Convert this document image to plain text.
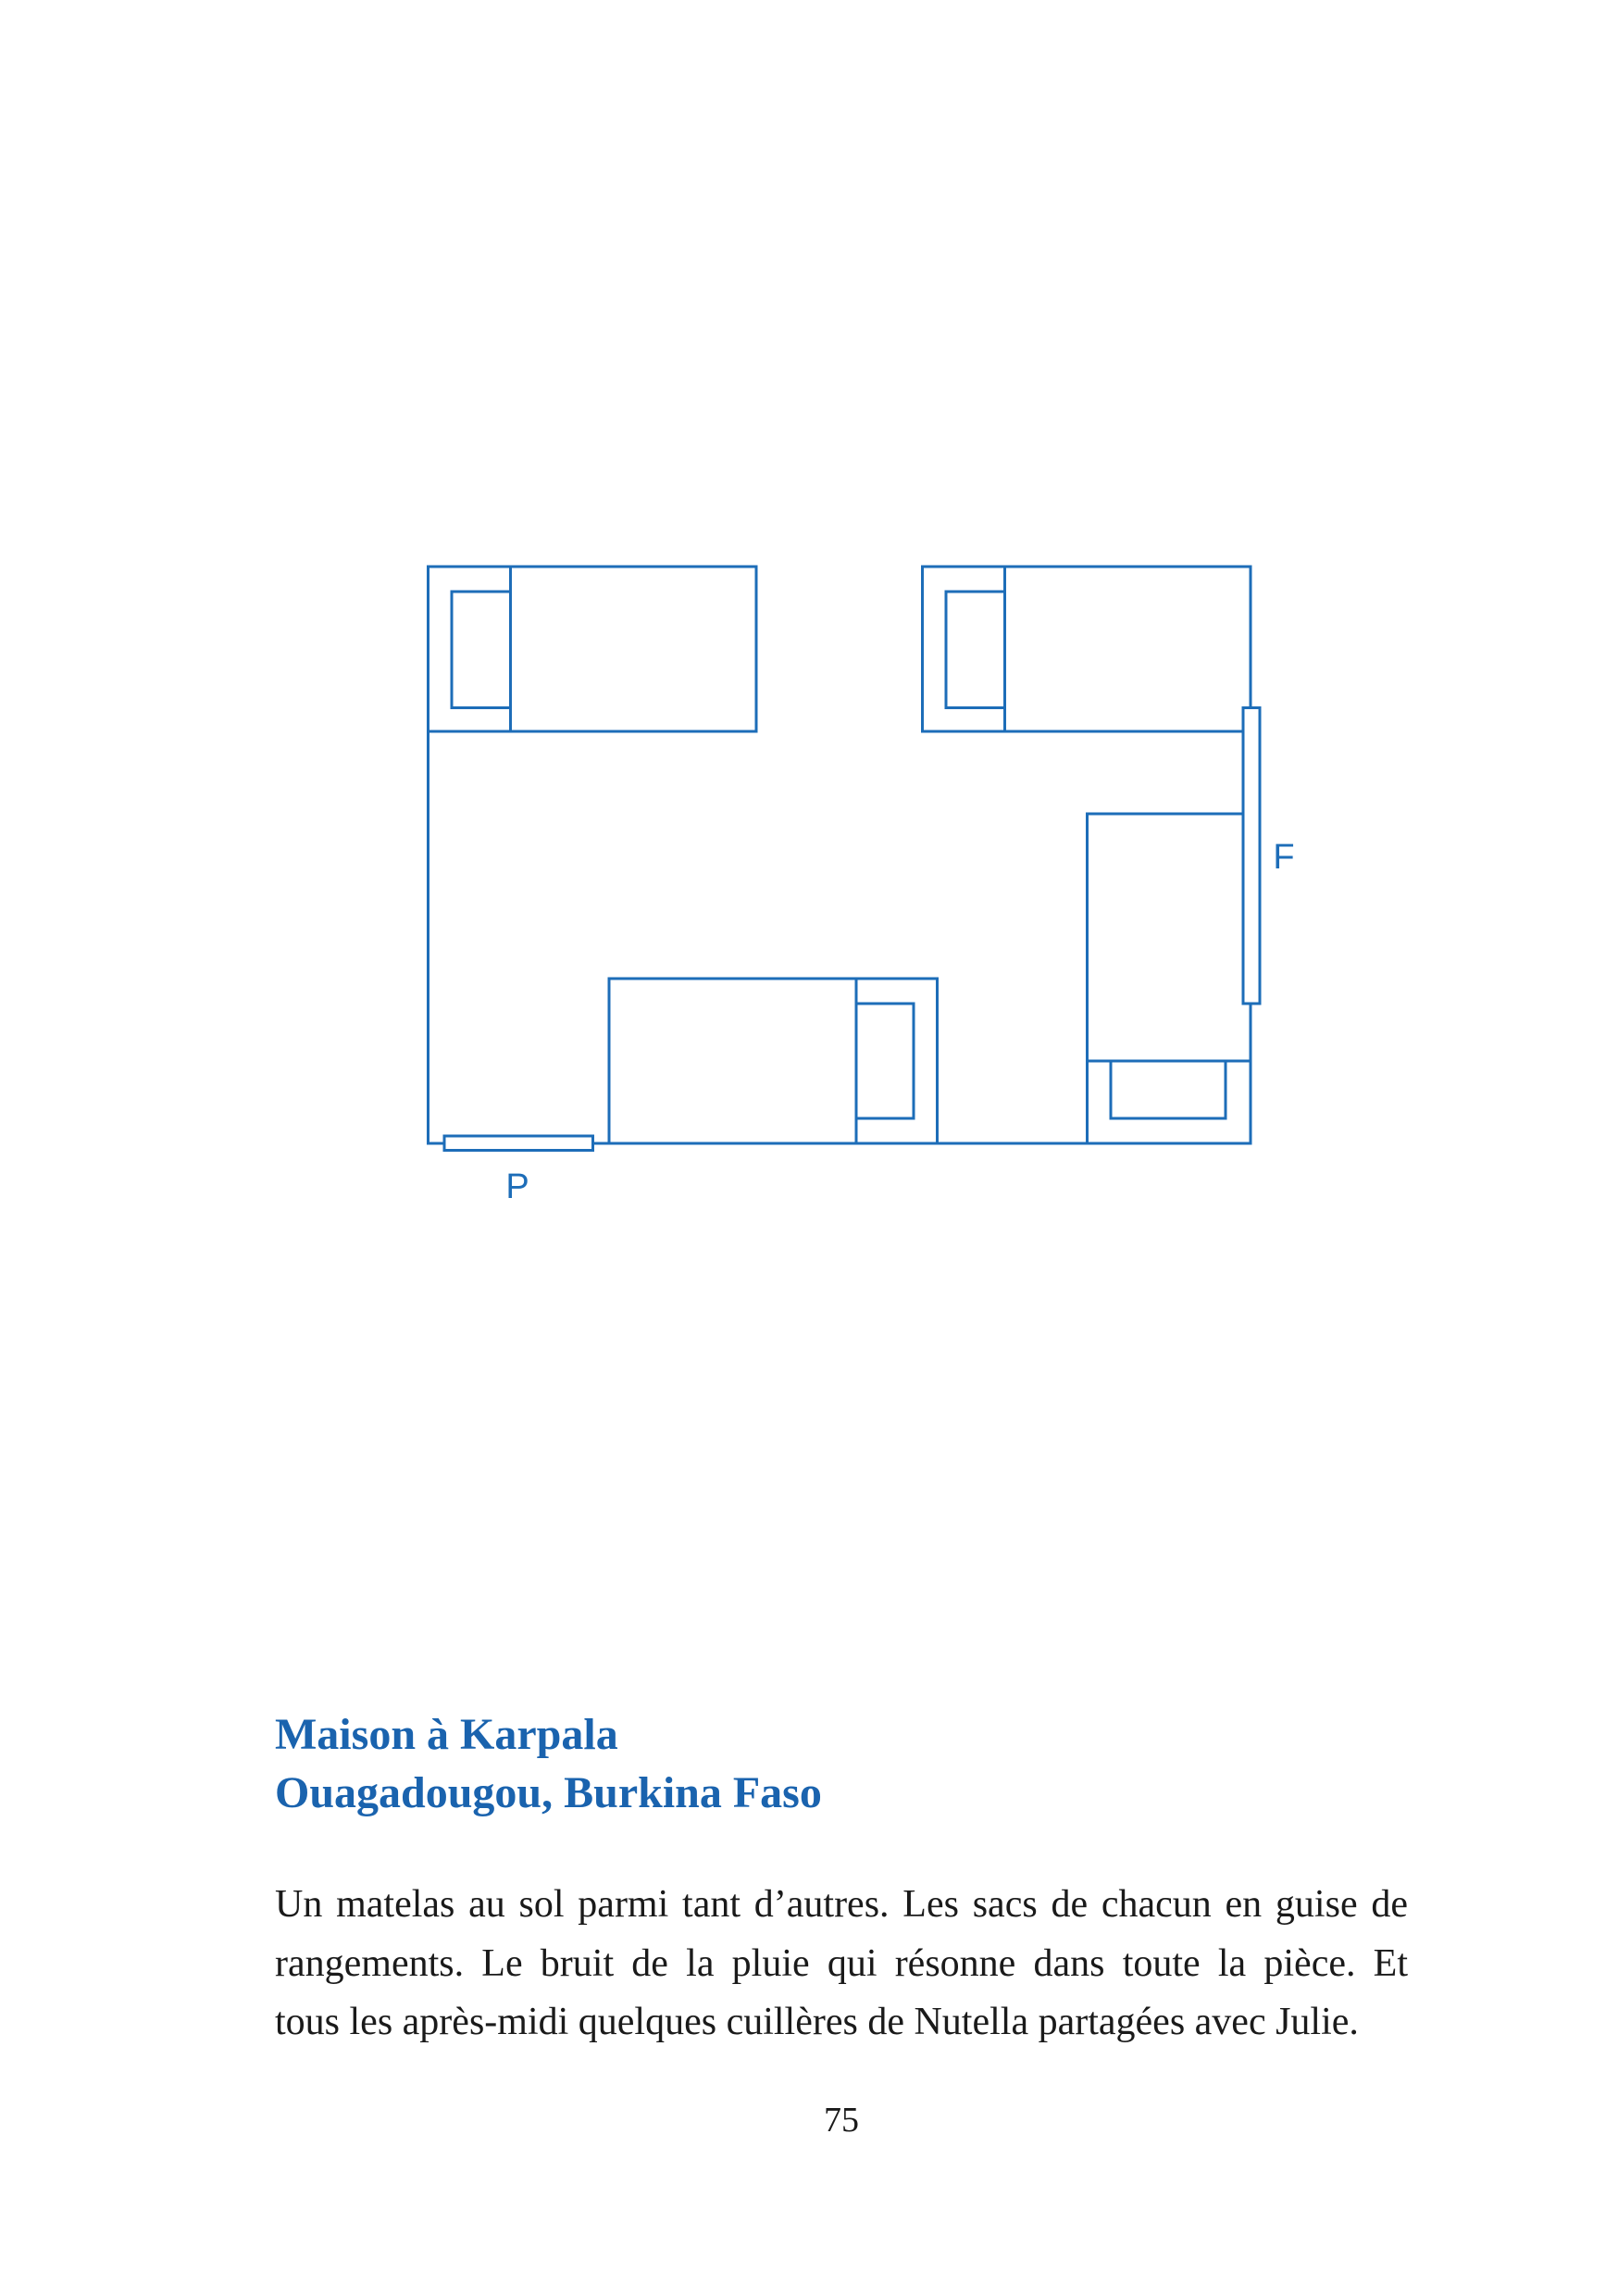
P
F
Maison à Karpala
Ouagadougou, Burkina Faso
Un matelas au sol parmi tant d’autres. Les sacs de chacun en guise de
rangements. Le bruit de la pluie qui résonne dans toute la pièce. Et
tous les après-midi quelques cuillères de Nutella partagées avec Julie.
75
